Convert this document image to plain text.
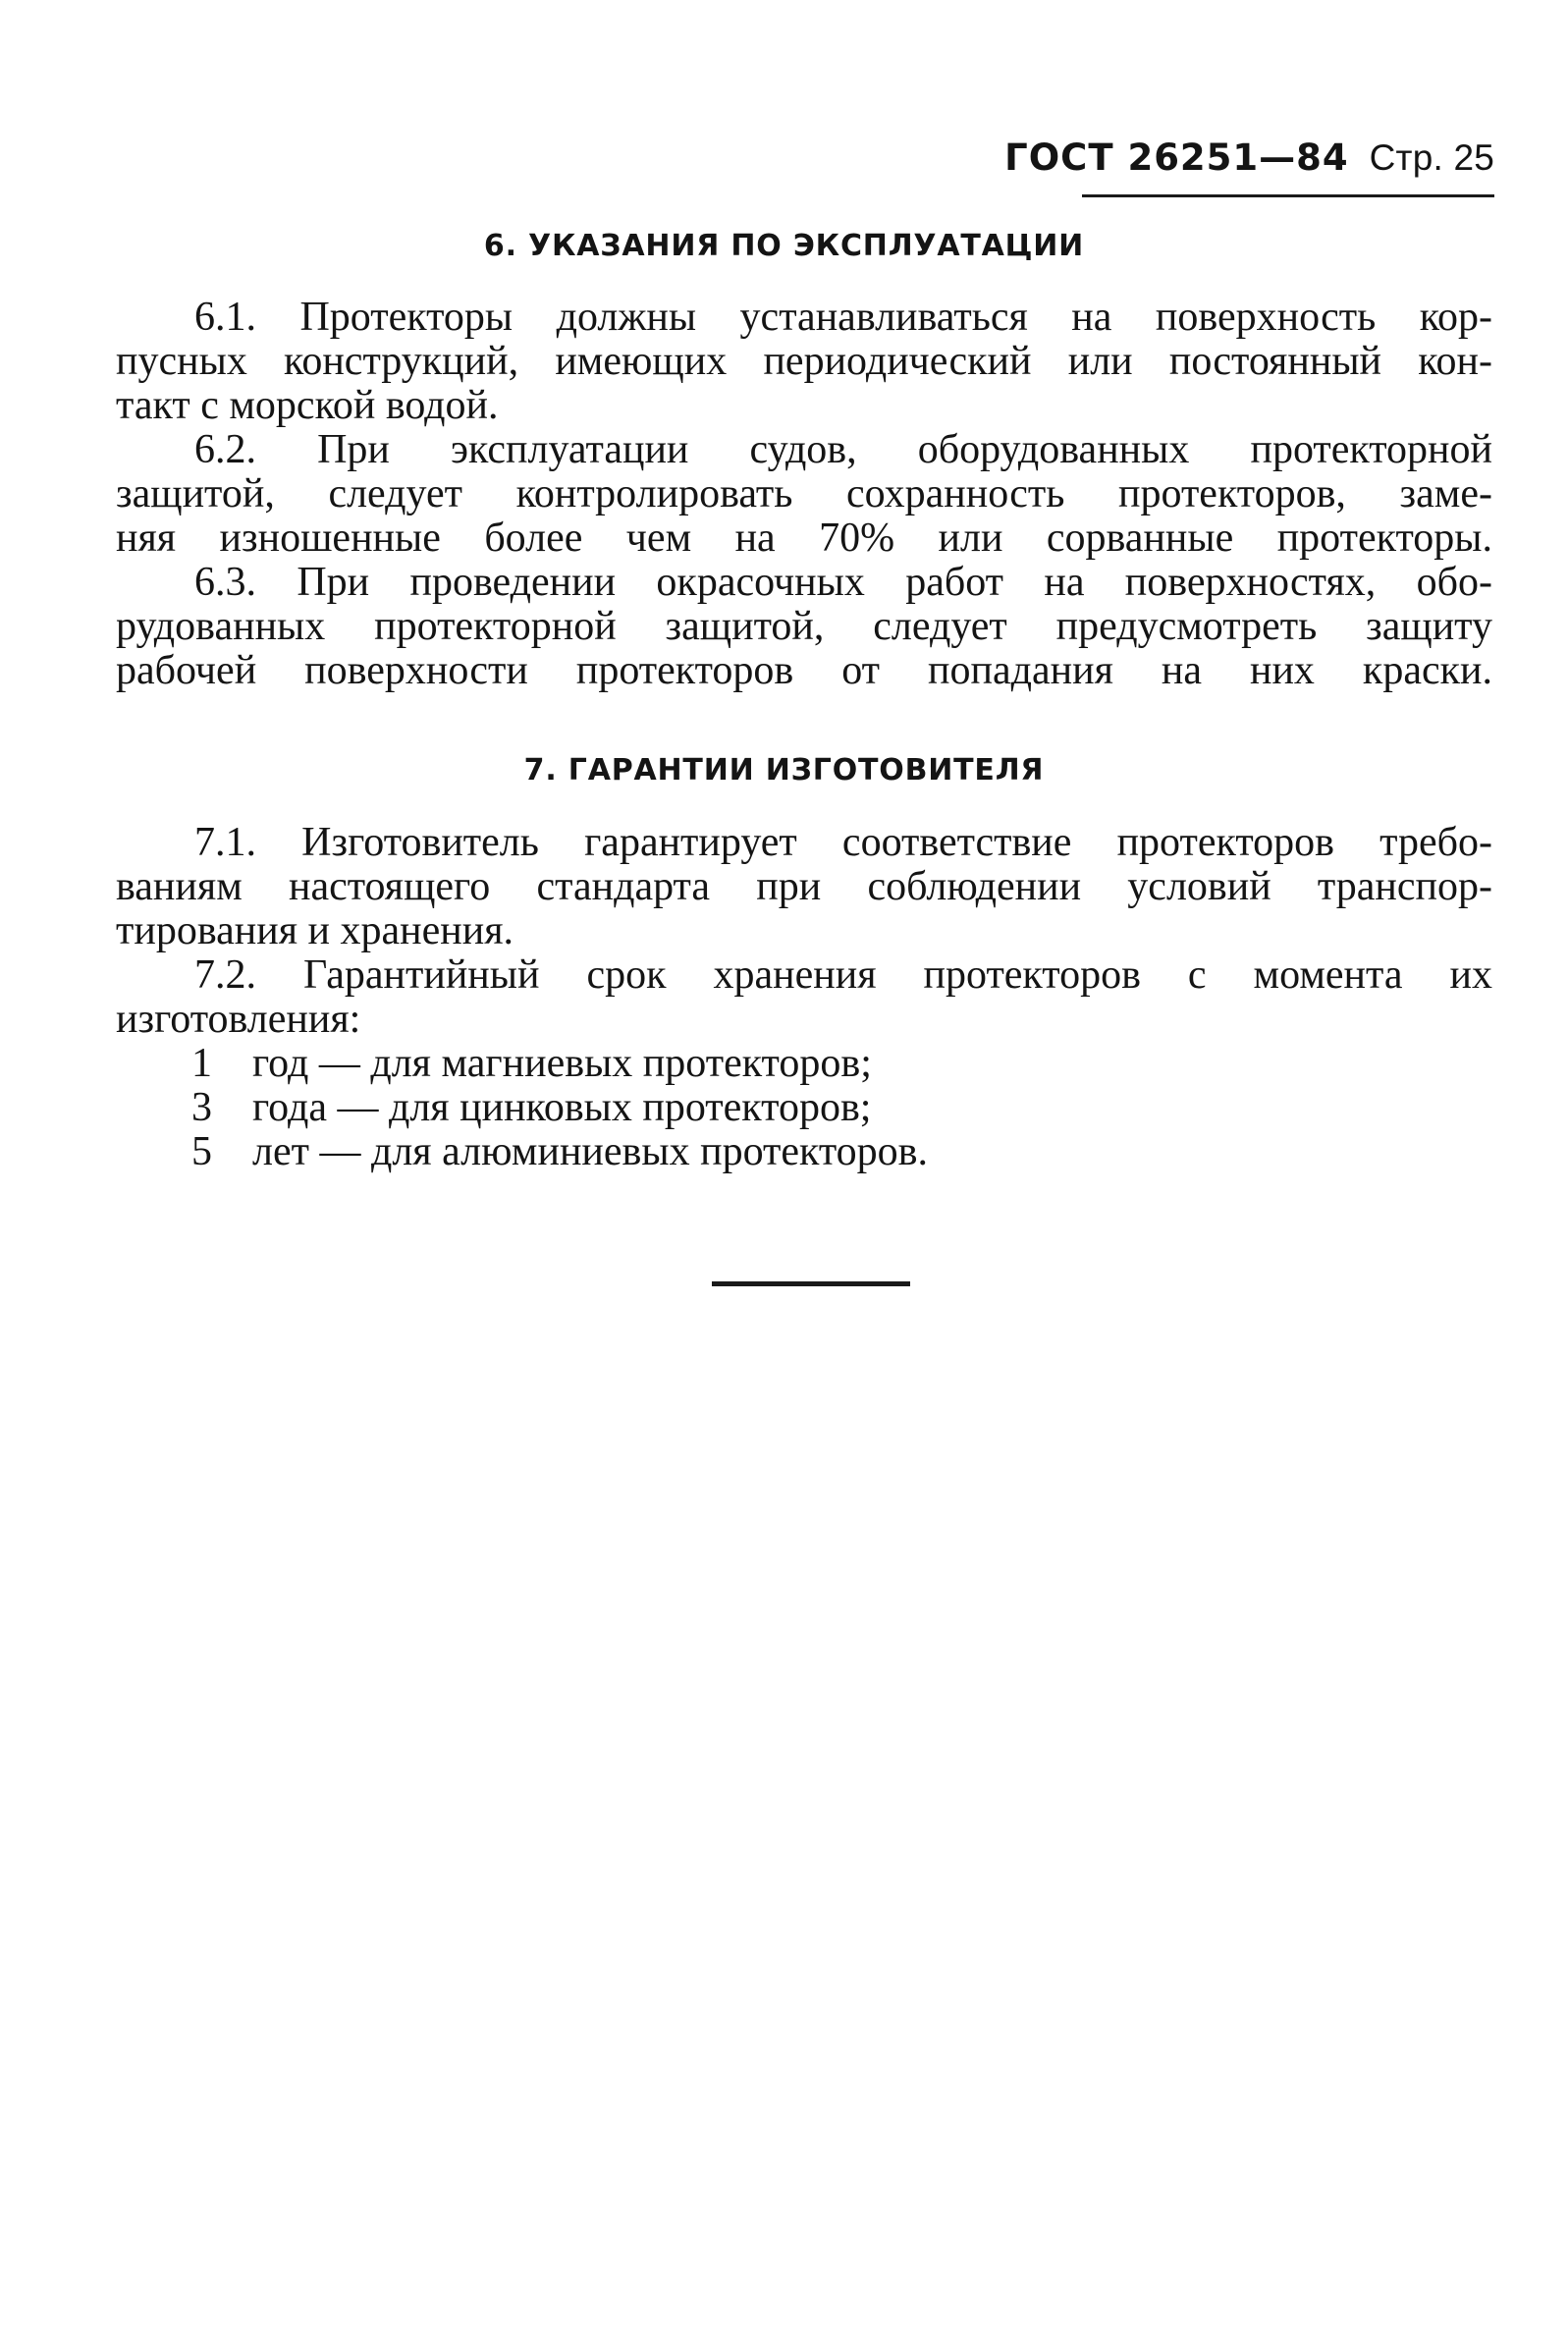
ГОСТ 26251—84 Стр. 25
6. УКАЗАНИЯ ПО ЭКСПЛУАТАЦИИ
6.1. Протекторы должны устанавливаться на поверхность кор-
пусных конструкций, имеющих периодический или постоянный кон-
такт с морской водой.
6.2. При эксплуатации судов, оборудованных протекторной
защитой, следует контролировать сохранность протекторов, заме-
няя изношенные более чем на 70% или сорванные протекторы.
6.3. При проведении окрасочных работ на поверхностях, обо-
рудованных протекторной защитой, следует предусмотреть защиту
рабочей поверхности протекторов от попадания на них краски.
7. ГАРАНТИИ ИЗГОТОВИТЕЛЯ
7.1. Изготовитель гарантирует соответствие протекторов требо-
ваниям настоящего стандарта при соблюдении условий транспор-
тирования и хранения.
7.2. Гарантийный срок хранения протекторов с момента их
изготовления:
1 год — для магниевых протекторов;
3 года — для цинковых протекторов;
5 лет — для алюминиевых протекторов.
